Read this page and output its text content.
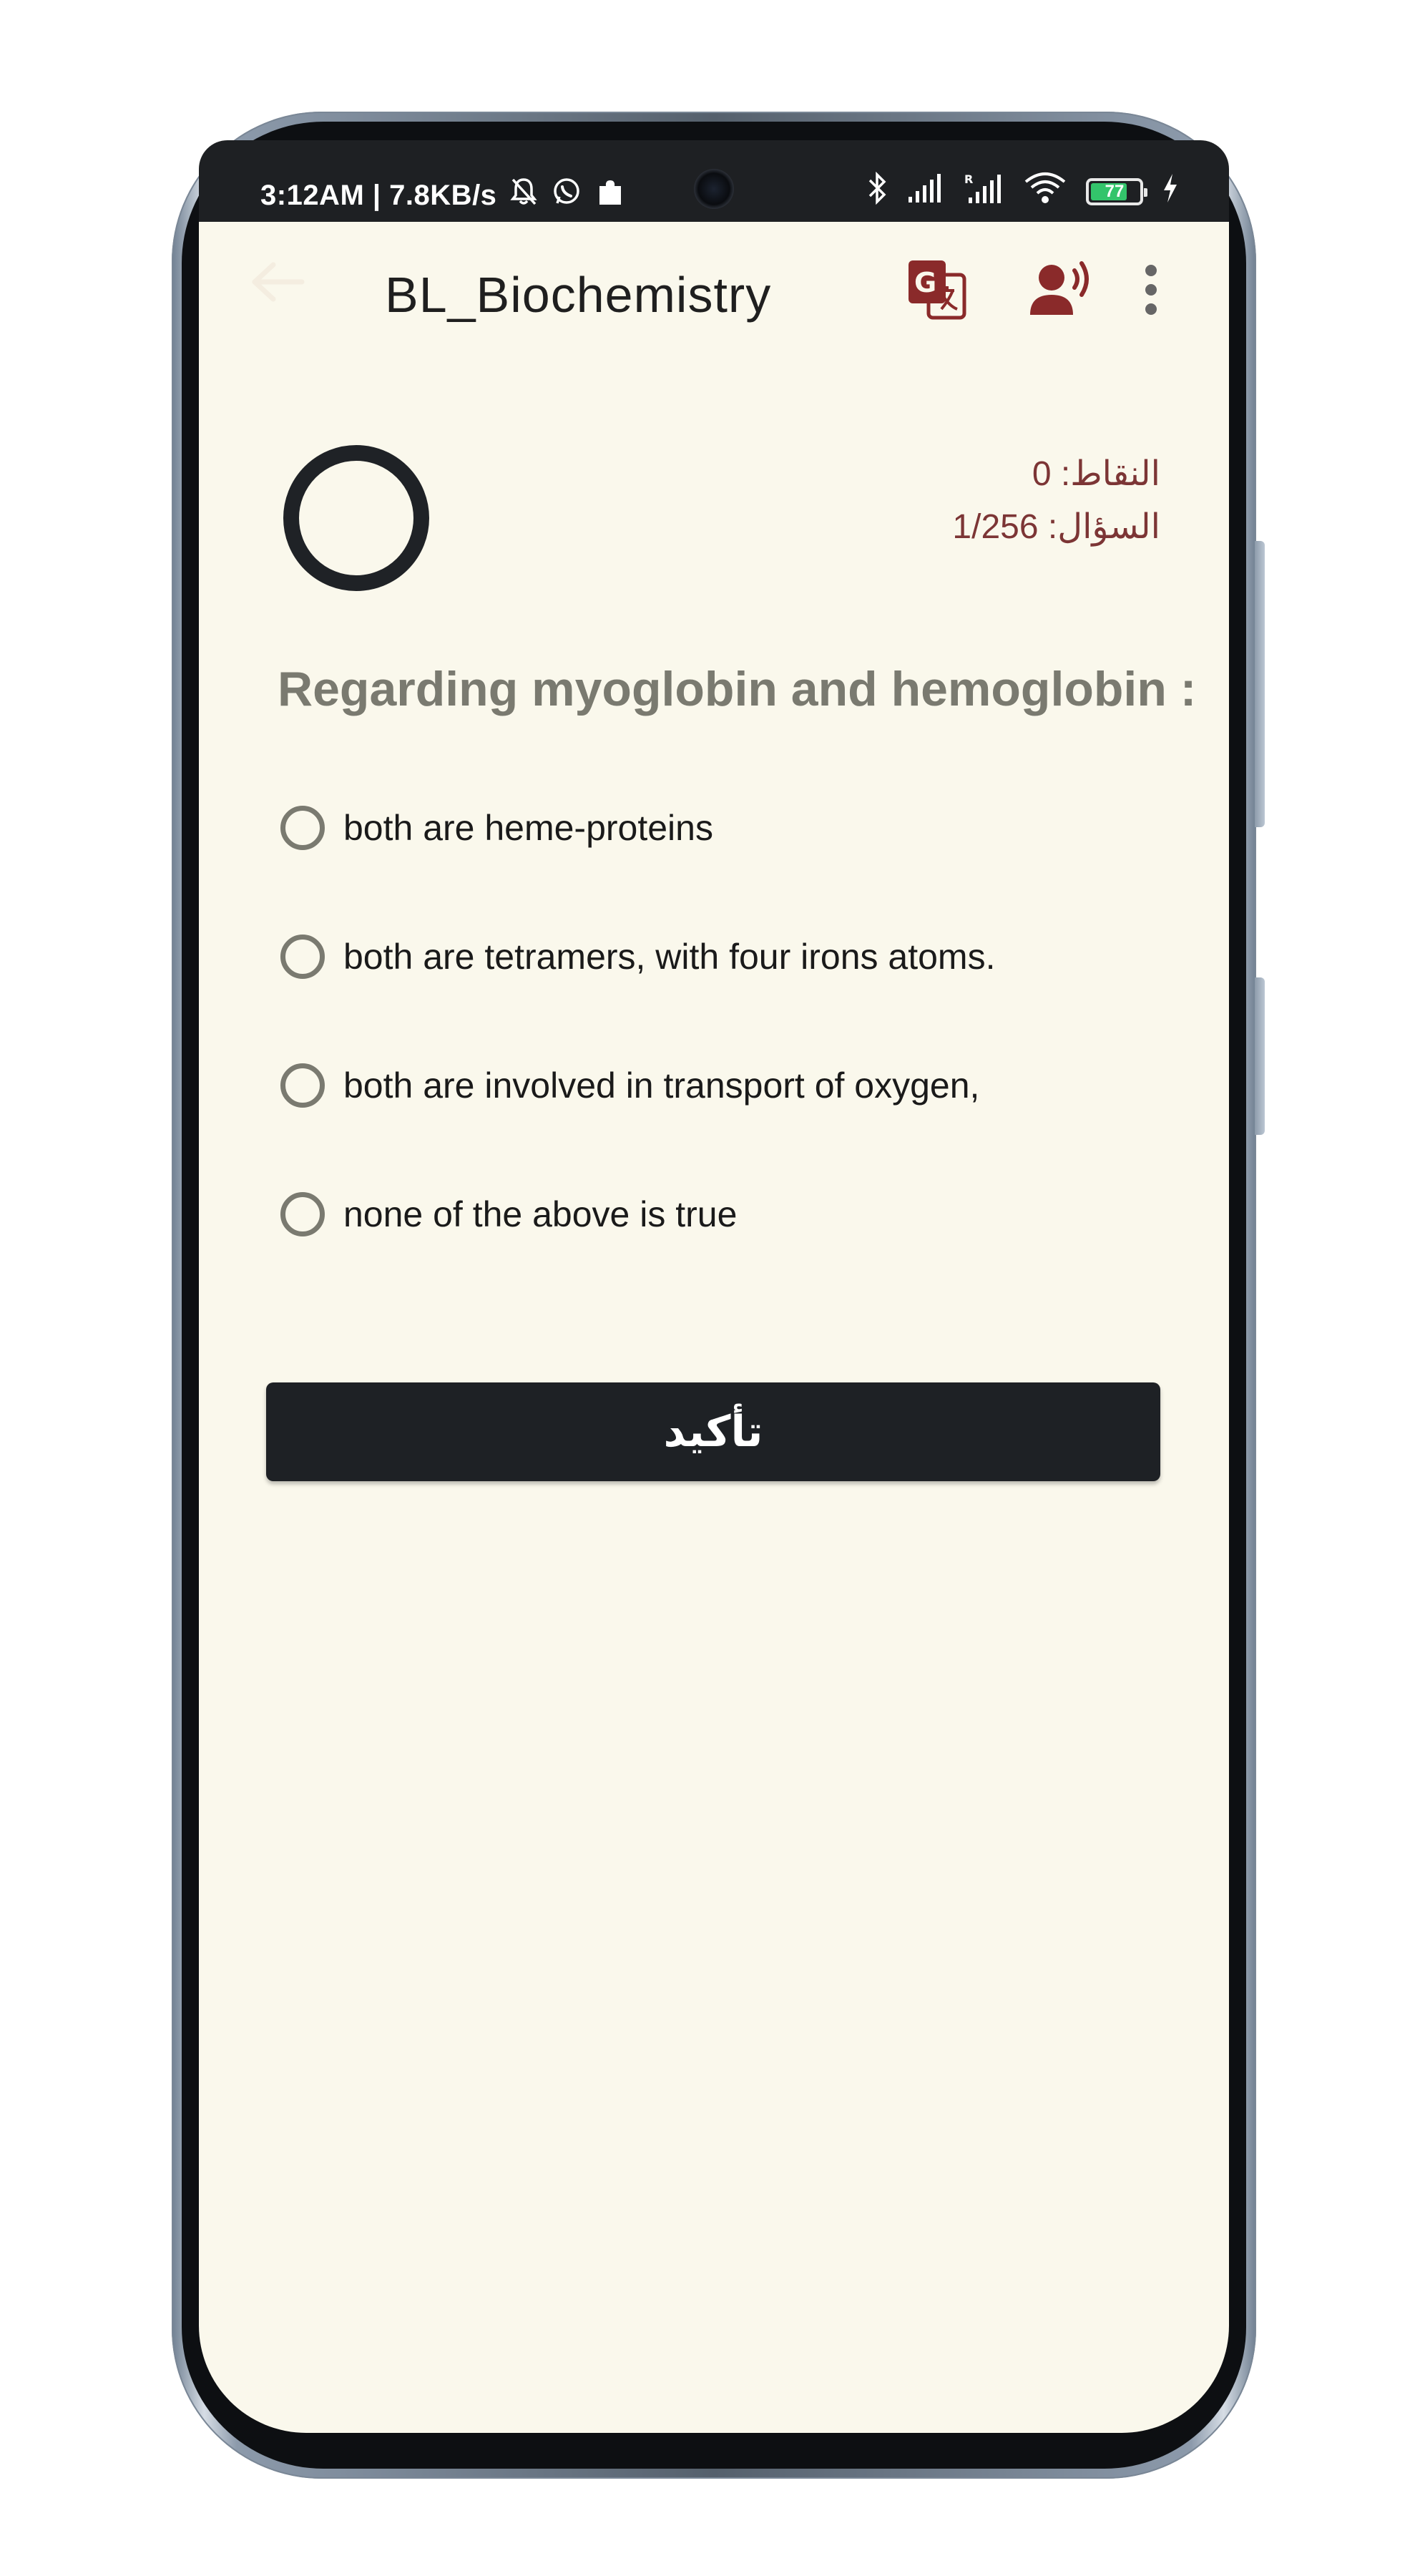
3:12AM | 7.8KB/s	R
77
BL_Biochemistry	G
النقاط: 0
السؤال: 1/256
Regarding myoglobin and hemoglobin :
both are heme-proteins
both are tetramers, with four irons atoms.
both are involved in transport of oxygen,
none of the above is true
تأكيد
